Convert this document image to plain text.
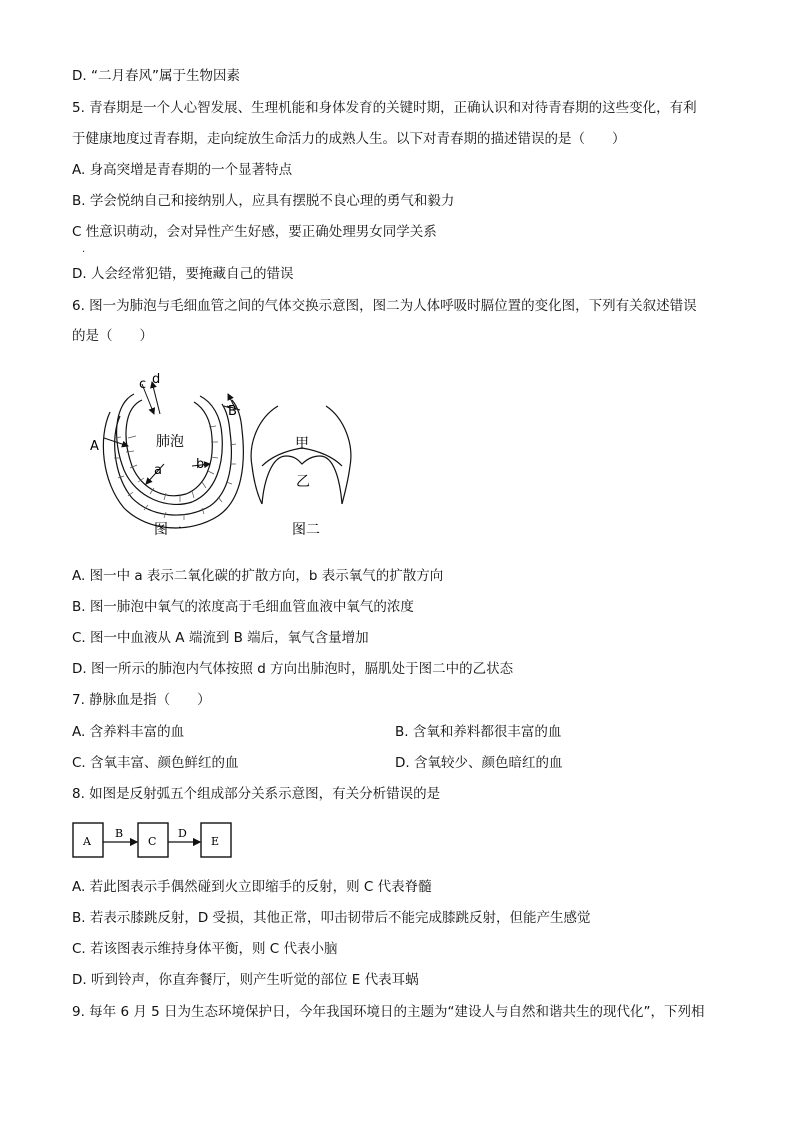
D. “二月春风”属于生物因素
5. 青春期是一个人心智发展、生理机能和身体发育的关键时期，正确认识和对待青春期的这些变化，有利
于健康地度过青春期，走向绽放生命活力的成熟人生。以下对青春期的描述错误的是（　　）
A. 身高突增是青春期的一个显著特点
B. 学会悦纳自己和接纳别人，应具有摆脱不良心理的勇气和毅力
C 性意识萌动，会对异性产生好感，要正确处理男女同学关系
.
D. 人会经常犯错，要掩藏自己的错误
6. 图一为肺泡与毛细血管之间的气体交换示意图，图二为人体呼吸时膈位置的变化图，下列有关叙述错误
的是（　　）
c d
A
B
肺泡
a	b
图一
甲
乙
图二
A. 图一中 a 表示二氧化碳的扩散方向，b 表示氧气的扩散方向
B. 图一肺泡中氧气的浓度高于毛细血管血液中氧气的浓度
C. 图一中血液从 A 端流到 B 端后，氧气含量增加
D. 图一所示的肺泡内气体按照 d 方向出肺泡时，膈肌处于图二中的乙状态
7. 静脉血是指（　　）
A. 含养料丰富的血	B. 含氧和养料都很丰富的血
C. 含氧丰富、颜色鲜红的血	D. 含氧较少、颜色暗红的血
8. 如图是反射弧五个组成部分关系示意图，有关分析错误的是
A
B
C
D
E
A. 若此图表示手偶然碰到火立即缩手的反射，则 C 代表脊髓
B. 若表示膝跳反射，D 受损，其他正常，叩击韧带后不能完成膝跳反射，但能产生感觉
C. 若该图表示维持身体平衡，则 C 代表小脑
D. 听到铃声，你直奔餐厅，则产生听觉的部位 E 代表耳蜗
9. 每年 6 月 5 日为生态环境保护日，今年我国环境日的主题为“建设人与自然和谐共生的现代化”，下列相
